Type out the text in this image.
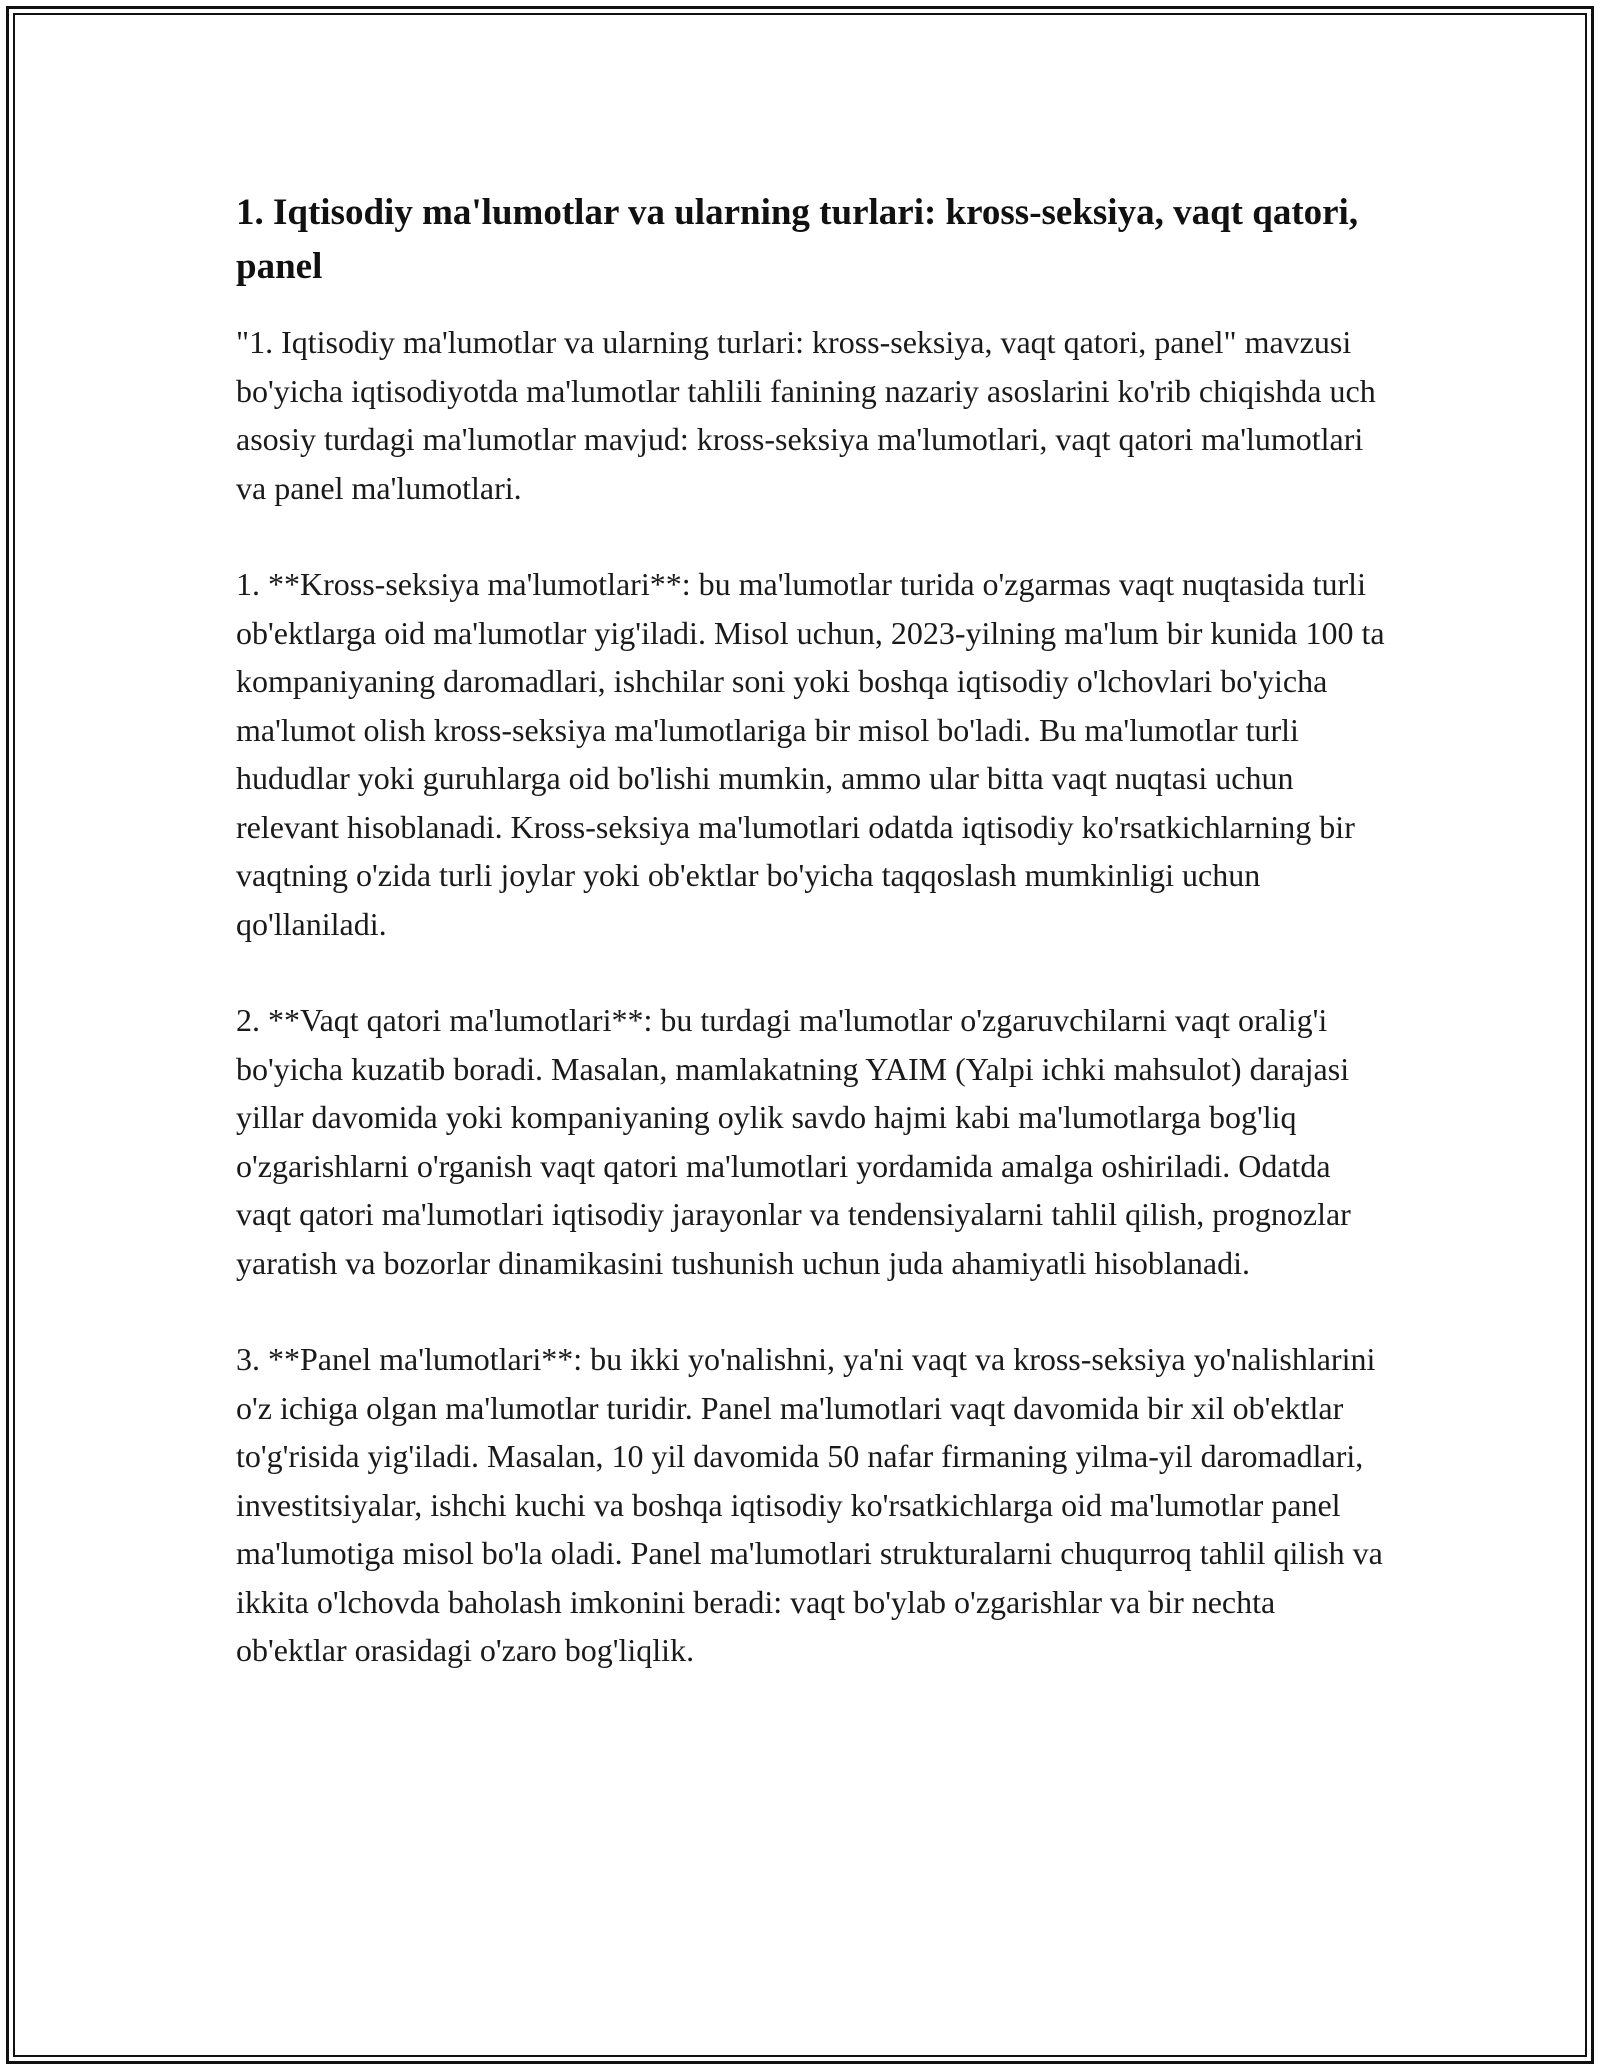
1. Iqtisodiy ma'lumotlar va ularning turlari: kross-seksiya, vaqt qatori, panel

"1. Iqtisodiy ma'lumotlar va ularning turlari: kross-seksiya, vaqt qatori, panel" mavzusi bo'yicha iqtisodiyotda ma'lumotlar tahlili fanining nazariy asoslarini ko'rib chiqishda uch asosiy turdagi ma'lumotlar mavjud: kross-seksiya ma'lumotlari, vaqt qatori ma'lumotlari va panel ma'lumotlari.

1. **Kross-seksiya ma'lumotlari**: bu ma'lumotlar turida o'zgarmas vaqt nuqtasida turli ob'ektlarga oid ma'lumotlar yig'iladi. Misol uchun, 2023-yilning ma'lum bir kunida 100 ta kompaniyaning daromadlari, ishchilar soni yoki boshqa iqtisodiy o'lchovlari bo'yicha ma'lumot olish kross-seksiya ma'lumotlariga bir misol bo'ladi. Bu ma'lumotlar turli hududlar yoki guruhlarga oid bo'lishi mumkin, ammo ular bitta vaqt nuqtasi uchun relevant hisoblanadi. Kross-seksiya ma'lumotlari odatda iqtisodiy ko'rsatkichlarning bir vaqtning o'zida turli joylar yoki ob'ektlar bo'yicha taqqoslash mumkinligi uchun qo'llaniladi.

2. **Vaqt qatori ma'lumotlari**: bu turdagi ma'lumotlar o'zgaruvchilarni vaqt oralig'i bo'yicha kuzatib boradi. Masalan, mamlakatning YAIM (Yalpi ichki mahsulot) darajasi yillar davomida yoki kompaniyaning oylik savdo hajmi kabi ma'lumotlarga bog'liq o'zgarishlarni o'rganish vaqt qatori ma'lumotlari yordamida amalga oshiriladi. Odatda vaqt qatori ma'lumotlari iqtisodiy jarayonlar va tendensiyalarni tahlil qilish, prognozlar yaratish va bozorlar dinamikasini tushunish uchun juda ahamiyatli hisoblanadi.

3. **Panel ma'lumotlari**: bu ikki yo'nalishni, ya'ni vaqt va kross-seksiya yo'nalishlarini o'z ichiga olgan ma'lumotlar turidir. Panel ma'lumotlari vaqt davomida bir xil ob'ektlar to'g'risida yig'iladi. Masalan, 10 yil davomida 50 nafar firmaning yilma-yil daromadlari, investitsiyalar, ishchi kuchi va boshqa iqtisodiy ko'rsatkichlarga oid ma'lumotlar panel ma'lumotiga misol bo'la oladi. Panel ma'lumotlari strukturalarni chuqurroq tahlil qilish va ikkita o'lchovda baholash imkonini beradi: vaqt bo'ylab o'zgarishlar va bir nechta ob'ektlar orasidagi o'zaro bog'liqlik.
